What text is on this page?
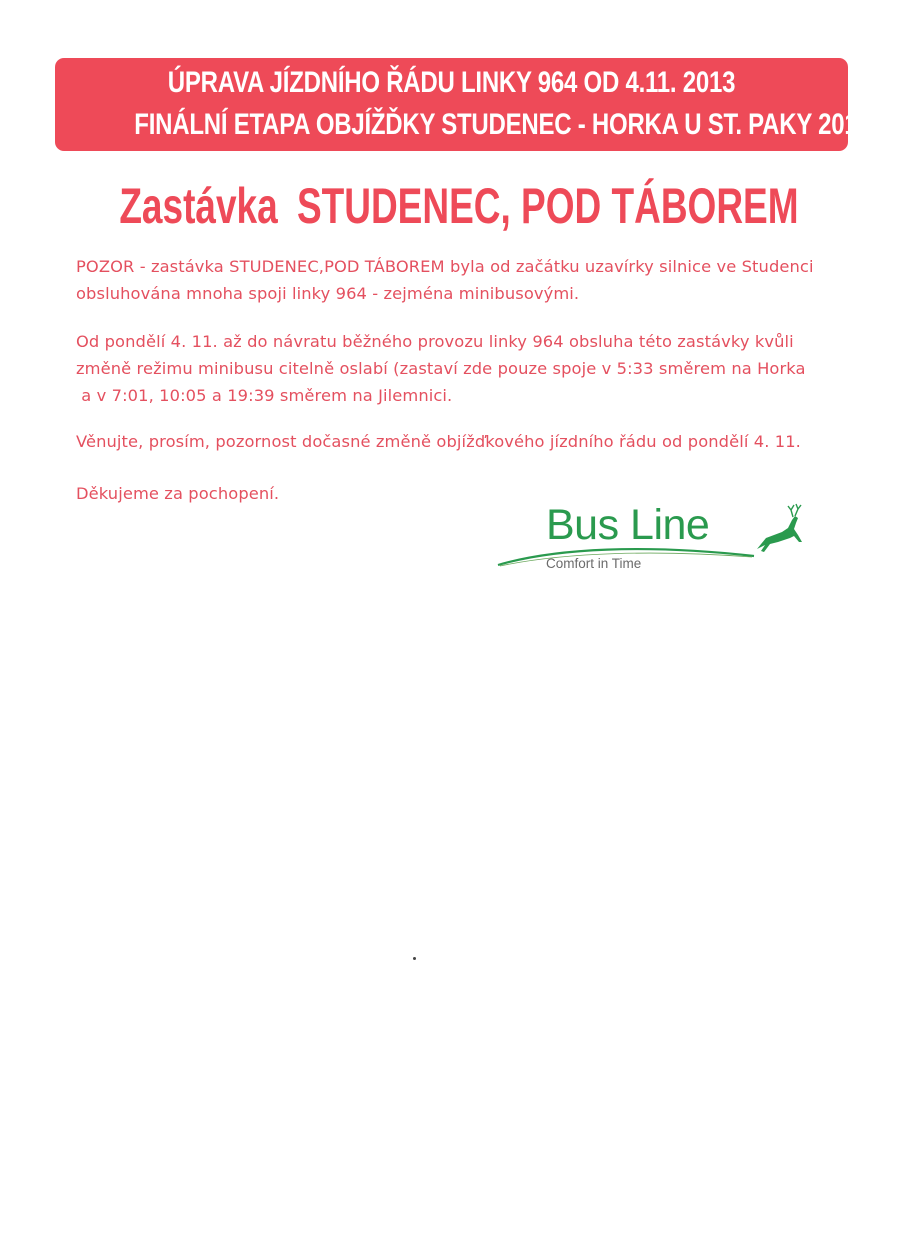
ÚPRAVA JÍZDNÍHO ŘÁDU LINKY 964 OD 4.11. 2013
FINÁLNÍ ETAPA OBJÍŽĎKY STUDENEC - HORKA U ST. PAKY 2013
Zastávka STUDENEC, POD TÁBOREM
POZOR - zastávka STUDENEC,POD TÁBOREM byla od začátku uzavírky silnice ve Studenci
obsluhována mnoha spoji linky 964 - zejména minibusovými.
Od pondělí 4. 11. až do návratu běžného provozu linky 964 obsluha této zastávky kvůli
změně režimu minibusu citelně oslabí (zastaví zde pouze spoje v 5:33 směrem na Horka
a v 7:01, 10:05 a 19:39 směrem na Jilemnici.
Věnujte, prosím, pozornost dočasné změně objížďkového jízdního řádu od pondělí 4. 11.
Děkujeme za pochopení.
Bus Line
Comfort in Time
